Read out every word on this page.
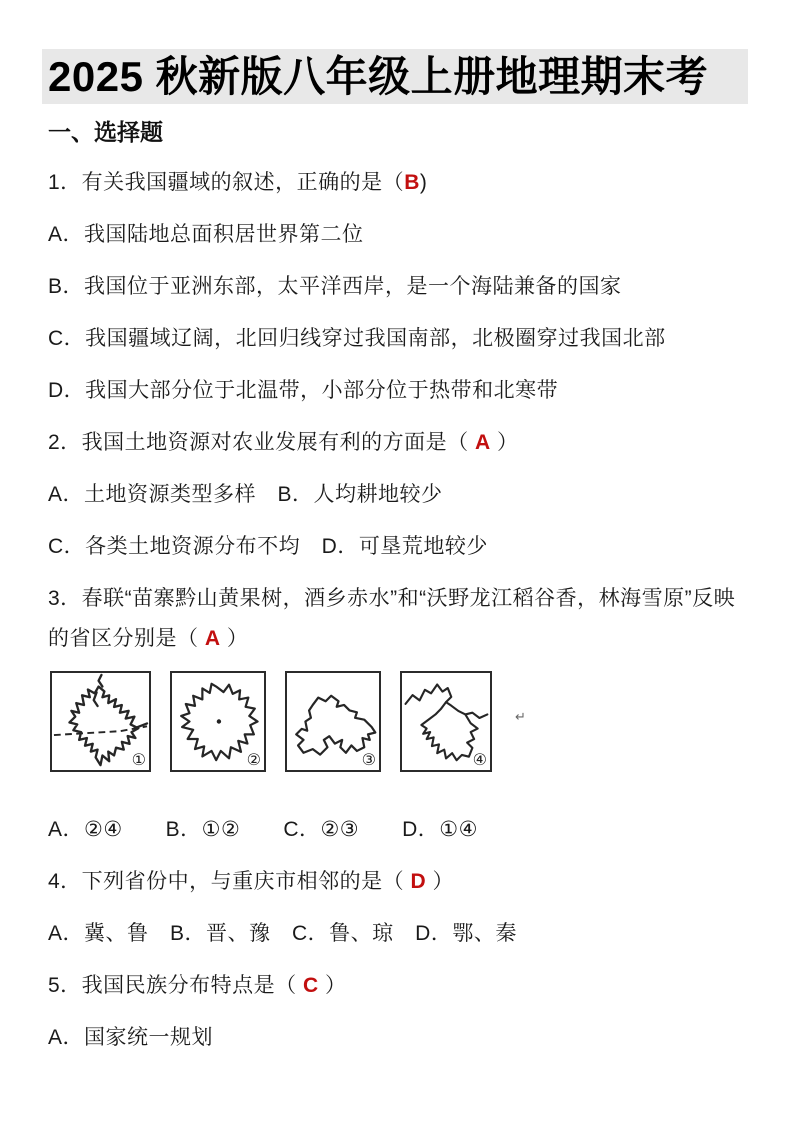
2025 秋新版八年级上册地理期末考
一、选择题

1．有关我国疆域的叙述，正确的是（B)

A．我国陆地总面积居世界第二位

B．我国位于亚洲东部，太平洋西岸，是一个海陆兼备的国家

C．我国疆域辽阔，北回归线穿过我国南部，北极圈穿过我国北部

D．我国大部分位于北温带，小部分位于热带和北寒带

2．我国土地资源对农业发展有利的方面是（ A ）

A．土地资源类型多样　B．人均耕地较少

C．各类土地资源分布不均　D．可垦荒地较少

3．春联“苗寨黔山黄果树，酒乡赤水”和“沃野龙江稻谷香，林海雪原”反映的省区分别是（ A ）

①	②	③	④
↵

A．②④　　B．①②　　C．②③　　D．①④

4．下列省份中，与重庆市相邻的是（ D ）

A．冀、鲁　B．晋、豫　C．鲁、琼　D．鄂、秦

5．我国民族分布特点是（ C ）

A．国家统一规划
